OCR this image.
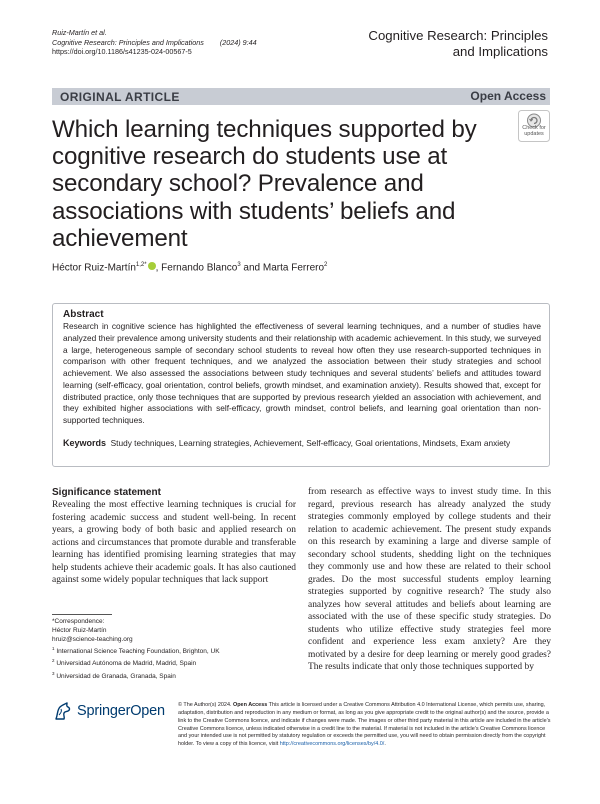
Ruiz-Martín et al.
Cognitive Research: Principles and Implications (2024) 9:44
https://doi.org/10.1186/s41235-024-00567-5
Cognitive Research: Principles
and Implications
ORIGINAL ARTICLE	Open Access
Which learning techniques supported by cognitive research do students use at secondary school? Prevalence and associations with students’ beliefs and achievement
Check for
updates
Héctor Ruiz-Martín$^{1,2*}$ , Fernando Blanco$^3$ and Marta Ferrero$^2$
Abstract
Research in cognitive science has highlighted the effectiveness of several learning techniques, and a number of studies have analyzed their prevalence among university students and their relationship with academic achievement. In this study, we surveyed a large, heterogeneous sample of secondary school students to reveal how often they use research-supported techniques in comparison with other frequent techniques, and we analyzed the association between their study strategies and school achievement. We also assessed the associations between study techniques and several students’ beliefs and attitudes toward learning (self-efficacy, goal orientation, control beliefs, growth mindset, and examination anxiety). Results showed that, except for distributed practice, only those techniques that are supported by previous research yielded an association with achievement, and they exhibited higher associations with self-efficacy, growth mindset, control beliefs, and learning goal orientation than non-supported techniques.
Keywords Study techniques, Learning strategies, Achievement, Self-efficacy, Goal orientations, Mindsets, Exam anxiety
Significance statement
Revealing the most effective learning techniques is crucial for fostering academic success and student well-being. In recent years, a growing body of both basic and applied research on actions and circumstances that promote durable and transferable learning has identified promising learning strategies that may help students achieve their academic goals. It has also cautioned against some widely popular techniques that lack support
from research as effective ways to invest study time. In this regard, previous research has already analyzed the study strategies commonly employed by college students and their relation to academic achievement. The present study expands on this research by examining a large and diverse sample of secondary school students, shedding light on the techniques they commonly use and how these are related to their school grades. Do the most successful students employ learning strategies supported by cognitive research? The study also analyzes how several attitudes and beliefs about learning are associated with the use of these specific study strategies. Do students who utilize effective study strategies feel more confident and experience less exam anxiety? Are they motivated by a desire for deep learning or merely good grades? The results indicate that only those techniques supported by
*Correspondence:
Héctor Ruiz-Martín
hruiz@science-teaching.org
$^1$ International Science Teaching Foundation, Brighton, UK
$^2$ Universidad Autónoma de Madrid, Madrid, Spain
$^3$ Universidad de Granada, Granada, Spain
SpringerOpen © The Author(s) 2024. Open Access This article is licensed under a Creative Commons Attribution 4.0 International License, which permits use, sharing, adaptation, distribution and reproduction in any medium or format, as long as you give appropriate credit to the original author(s) and the source, provide a link to the Creative Commons licence, and indicate if changes were made. The images or other third party material in this article are included in the article’s Creative Commons licence, unless indicated otherwise in a credit line to the material. If material is not included in the article’s Creative Commons licence and your intended use is not permitted by statutory regulation or exceeds the permitted use, you will need to obtain permission directly from the copyright holder. To view a copy of this licence, visit http://creativecommons.org/licenses/by/4.0/.
